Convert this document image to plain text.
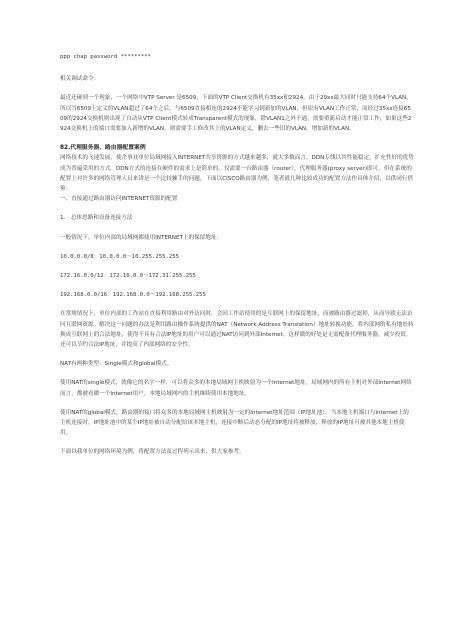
ppp chap password *********

相关调试命令：

最近还碰到一个现象，一个网络中VTP Server 是6509，下面的VTP Client交换机有35xx和2924。由于29xx最大同时只能支持64个VLAN，所以当6509上定义的VLAN超过了64个之后，与6509直接相连的2924不能学习到新加的VLAN，但原有VLAN工作正常，而经过35xx连接6509的2924交换机则出现了自动从VTP Client模式转成Transparent模式的现象，除VLAN1之外不通，需要重新启动才能正常工作，如果这些2924交换机上的端口需要加入新增的VLAN，则需要手工修改其上的VLAN定义，删去一些旧的VLAN，增加新的VLAN。

82.代理服务器、路由器配置案例

网络技术的飞速发展，使企事业单位局域网接入INTERNET共享资源的方式越来越多，就大多数而言，DDN专线以其性能稳定，扩充性好的优势成为普遍采用的方式。DDN方式的连接在硬件的需求上是简单的，仅需要一台路由器（router），代理服务器(proxy server)即可，但在系统的配置上对许多的网络管理人员来讲是一个比较棘手的问题，下面以CISCO路由器为例，笔者就几种比较成功的配置方法作具体介绍，以供同行借鉴：

一、直接通过路由器访问INTERNET资源的配置

1.　总体思路和设备连接方法

一般情况下，单位内部的局域网都使用INTERNET上的保留地址：

10.0.0.0/8：10.0.0.0～10.255.255.255

172.16.0.0/12：172.16.0.0～172.31.255.255

192.168.0.0/16：192.168.0.0～192.168.255.255

在常规情况下，单位内部的工作站在直接利用路由对外访问时，会因工作站使用的是互联网上的保留地址，而被路由器过滤掉，从而导致无法访问互联网资源。解决这一问题的办法是利用路由操作系统提供的NAT（Network Address Translation）地址转换功能，将内部网的私有地址转换成互联网上的合法地址，使得不具有合法IP地址的用户可以通过NAT访问到外部Internet。这样做的好处是无需配备代理服务器，减少投资，还可以节约合法IP地址，并提高了内部网络的安全性。

NAT有两种类型：Single模式和global模式。

使用NAT的single模式，就像它的名字一样，可以将众多的本地局域网主机映射为一个Internet地址。局域网内的所有主机对外部Internet网络而言，都被看做一个Internet用户。本地局域网内的主机继续使用本地地址。

使用NAT的global模式，路由器的接口将众多的本地局域网主机映射为一定的Internet地址范围（IP地址池）。当本地主机端口与Internet上的主机连接时，IP地址池中的某个IP地址被自动分配给该本地主机，连接中断后动态分配的IP地址将被释放，释放的IP地址可被其他本地主机使用。

下面以我单位的网络环境为例，将配置方法及过程列示出来，供大家参考。
